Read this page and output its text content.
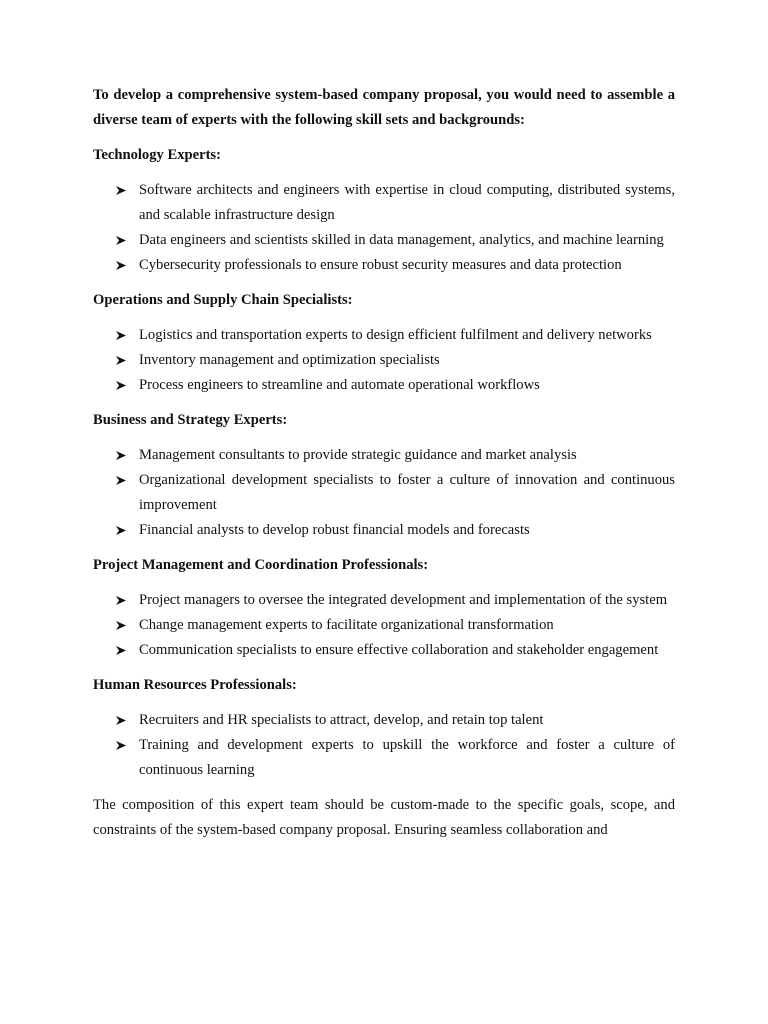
To develop a comprehensive system-based company proposal, you would need to assemble a diverse team of experts with the following skill sets and backgrounds:

Technology Experts:

Software architects and engineers with expertise in cloud computing, distributed systems, and scalable infrastructure design
Data engineers and scientists skilled in data management, analytics, and machine learning
Cybersecurity professionals to ensure robust security measures and data protection

Operations and Supply Chain Specialists:

Logistics and transportation experts to design efficient fulfilment and delivery networks
Inventory management and optimization specialists
Process engineers to streamline and automate operational workflows

Business and Strategy Experts:

Management consultants to provide strategic guidance and market analysis
Organizational development specialists to foster a culture of innovation and continuous improvement
Financial analysts to develop robust financial models and forecasts

Project Management and Coordination Professionals:

Project managers to oversee the integrated development and implementation of the system
Change management experts to facilitate organizational transformation
Communication specialists to ensure effective collaboration and stakeholder engagement

Human Resources Professionals:

Recruiters and HR specialists to attract, develop, and retain top talent
Training and development experts to upskill the workforce and foster a culture of continuous learning

The composition of this expert team should be custom-made to the specific goals, scope, and constraints of the system-based company proposal. Ensuring seamless collaboration and
